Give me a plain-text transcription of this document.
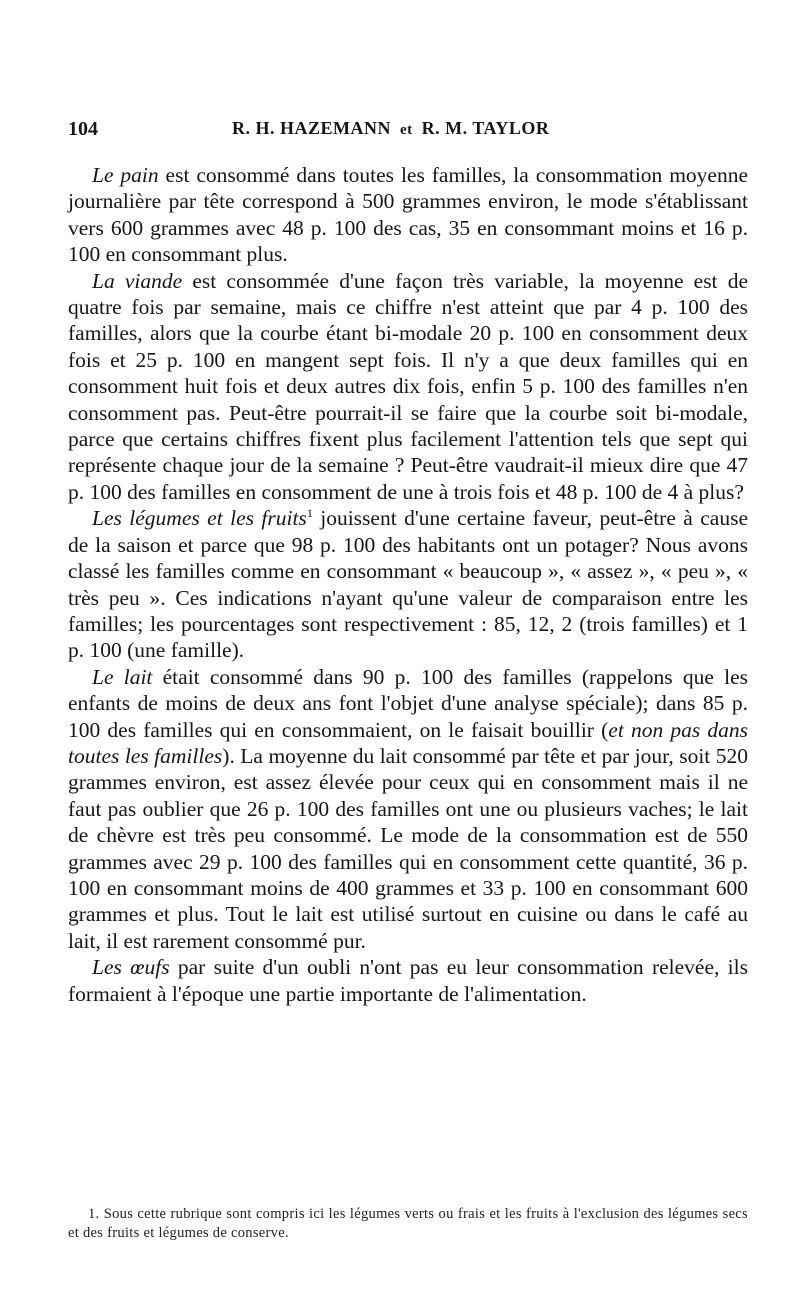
104	R. H. HAZEMANN et R. M. TAYLOR

Le pain est consommé dans toutes les familles, la consommation moyenne journalière par tête correspond à 500 grammes environ, le mode s'établissant vers 600 grammes avec 48 p. 100 des cas, 35 en consommant moins et 16 p. 100 en consommant plus.

La viande est consommée d'une façon très variable, la moyenne est de quatre fois par semaine, mais ce chiffre n'est atteint que par 4 p. 100 des familles, alors que la courbe étant bi-modale 20 p. 100 en consomment deux fois et 25 p. 100 en mangent sept fois. Il n'y a que deux familles qui en consomment huit fois et deux autres dix fois, enfin 5 p. 100 des familles n'en consomment pas. Peut-être pourrait-il se faire que la courbe soit bi-modale, parce que certains chiffres fixent plus facilement l'attention tels que sept qui représente chaque jour de la semaine ? Peut-être vaudrait-il mieux dire que 47 p. 100 des familles en consomment de une à trois fois et 48 p. 100 de 4 à plus?

Les légumes et les fruits$^1$ jouissent d'une certaine faveur, peut-être à cause de la saison et parce que 98 p. 100 des habitants ont un potager? Nous avons classé les familles comme en consommant « beaucoup », « assez », « peu », « très peu ». Ces indications n'ayant qu'une valeur de comparaison entre les familles; les pourcentages sont respectivement : 85, 12, 2 (trois familles) et 1 p. 100 (une famille).

Le lait était consommé dans 90 p. 100 des familles (rappelons que les enfants de moins de deux ans font l'objet d'une analyse spéciale); dans 85 p. 100 des familles qui en consommaient, on le faisait bouillir (et non pas dans toutes les familles). La moyenne du lait consommé par tête et par jour, soit 520 grammes environ, est assez élevée pour ceux qui en consomment mais il ne faut pas oublier que 26 p. 100 des familles ont une ou plusieurs vaches; le lait de chèvre est très peu consommé. Le mode de la consommation est de 550 grammes avec 29 p. 100 des familles qui en consomment cette quantité, 36 p. 100 en consommant moins de 400 grammes et 33 p. 100 en consommant 600 grammes et plus. Tout le lait est utilisé surtout en cuisine ou dans le café au lait, il est rarement consommé pur.

Les œufs par suite d'un oubli n'ont pas eu leur consommation relevée, ils formaient à l'époque une partie importante de l'alimentation.

1. Sous cette rubrique sont compris ici les légumes verts ou frais et les fruits à l'exclusion des légumes secs et des fruits et légumes de conserve.
